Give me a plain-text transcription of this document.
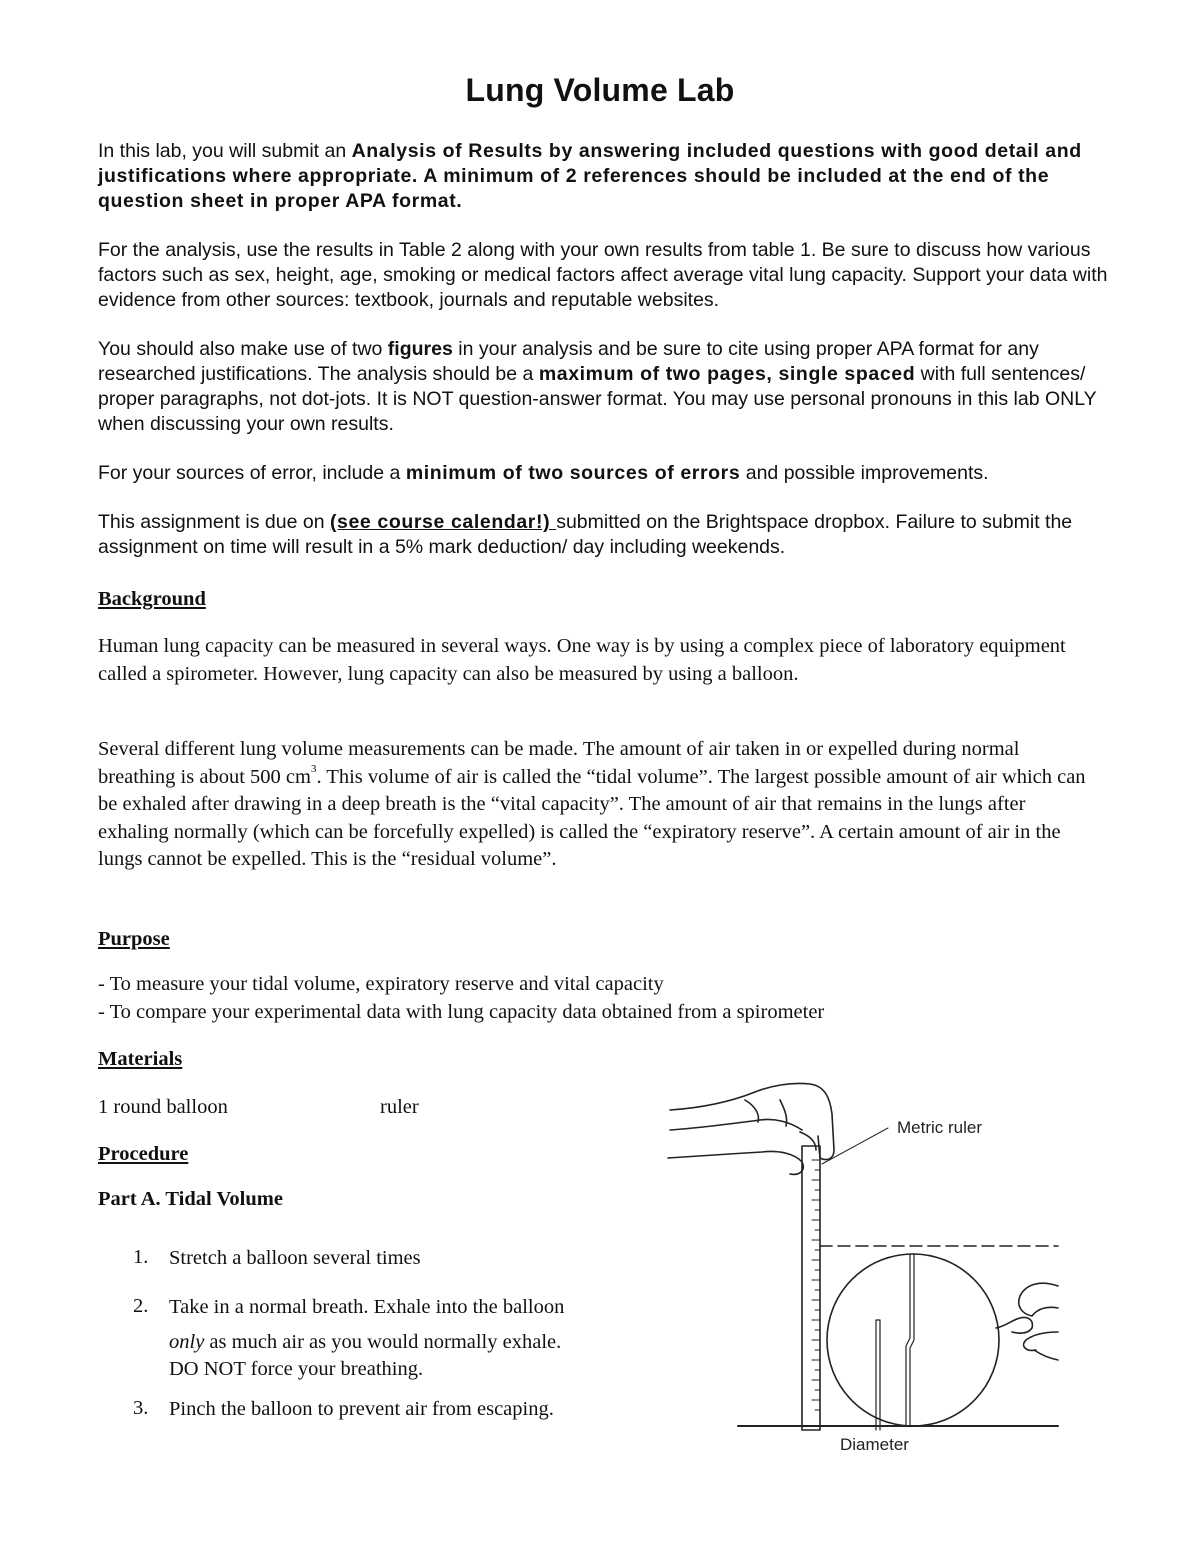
Lung Volume Lab

In this lab, you will submit an Analysis of Results by answering included questions with good detail and justifications where appropriate. A minimum of 2 references should be included at the end of the question sheet in proper APA format.

For the analysis, use the results in Table 2 along with your own results from table 1. Be sure to discuss how various factors such as sex, height, age, smoking or medical factors affect average vital lung capacity. Support your data with evidence from other sources: textbook, journals and reputable websites.

You should also make use of two figures in your analysis and be sure to cite using proper APA format for any researched justifications. The analysis should be a maximum of two pages, single spaced with full sentences/ proper paragraphs, not dot-jots. It is NOT question-answer format. You may use personal pronouns in this lab ONLY when discussing your own results.

For your sources of error, include a minimum of two sources of errors and possible improvements.

This assignment is due on (see course calendar!) submitted on the Brightspace dropbox. Failure to submit the assignment on time will result in a 5% mark deduction/ day including weekends.

Background

Human lung capacity can be measured in several ways. One way is by using a complex piece of laboratory equipment called a spirometer. However, lung capacity can also be measured by using a balloon.

Several different lung volume measurements can be made. The amount of air taken in or expelled during normal breathing is about 500 $cm^3$. This volume of air is called the “tidal volume”. The largest possible amount of air which can be exhaled after drawing in a deep breath is the “vital capacity”. The amount of air that remains in the lungs after exhaling normally (which can be forcefully expelled) is called the “expiratory reserve”. A certain amount of air in the lungs cannot be expelled. This is the “residual volume”.

Purpose

- To measure your tidal volume, expiratory reserve and vital capacity

- To compare your experimental data with lung capacity data obtained from a spirometer

Materials

1 round balloon	ruler

Procedure

Part A. Tidal Volume

1. Stretch a balloon several times

2. Take in a normal breath. Exhale into the balloon

only as much air as you would normally exhale.

DO NOT force your breathing.

3. Pinch the balloon to prevent air from escaping.

Metric ruler
Diameter
